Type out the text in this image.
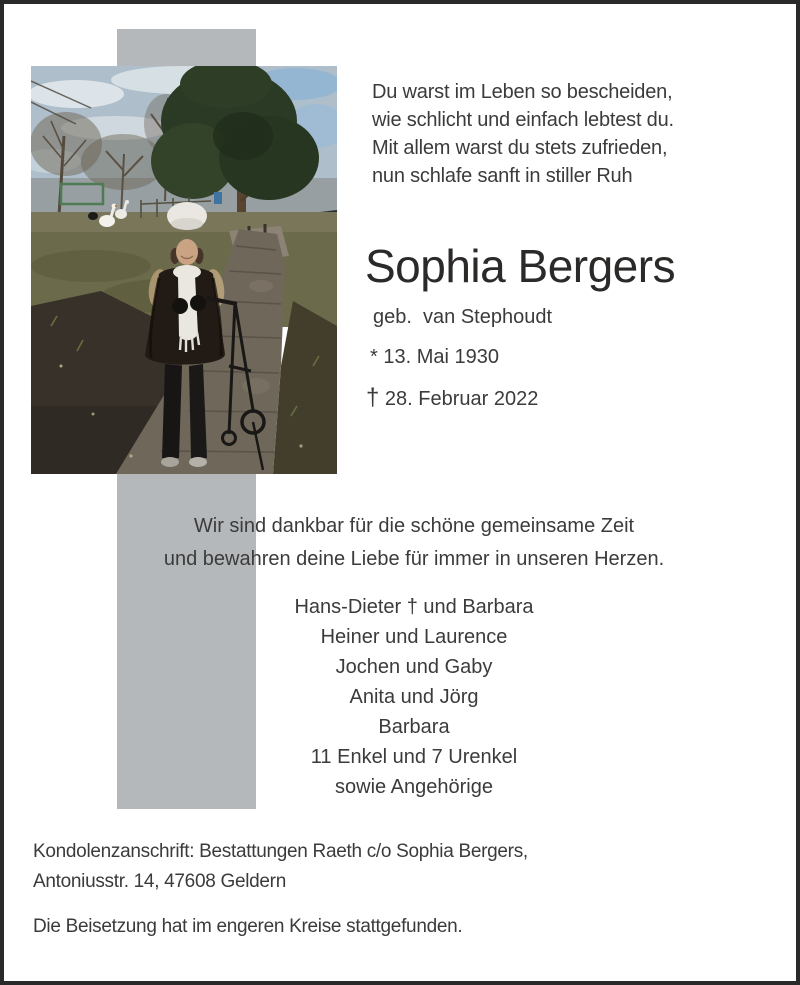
Du warst im Leben so bescheiden,
wie schlicht und einfach lebtest du.
Mit allem warst du stets zufrieden,
nun schlafe sanft in stiller Ruh
Sophia Bergers
geb.  van Stephoudt
* 13. Mai 1930
† 28. Februar 2022
Wir sind dankbar für die schöne gemeinsame Zeit
und bewahren deine Liebe für immer in unseren Herzen.
Hans-Dieter † und Barbara
Heiner und Laurence
Jochen und Gaby
Anita und Jörg
Barbara
11 Enkel und 7 Urenkel
sowie Angehörige
Kondolenzanschrift: Bestattungen Raeth c/o Sophia Bergers,
Antoniusstr. 14, 47608 Geldern
Die Beisetzung hat im engeren Kreise stattgefunden.
